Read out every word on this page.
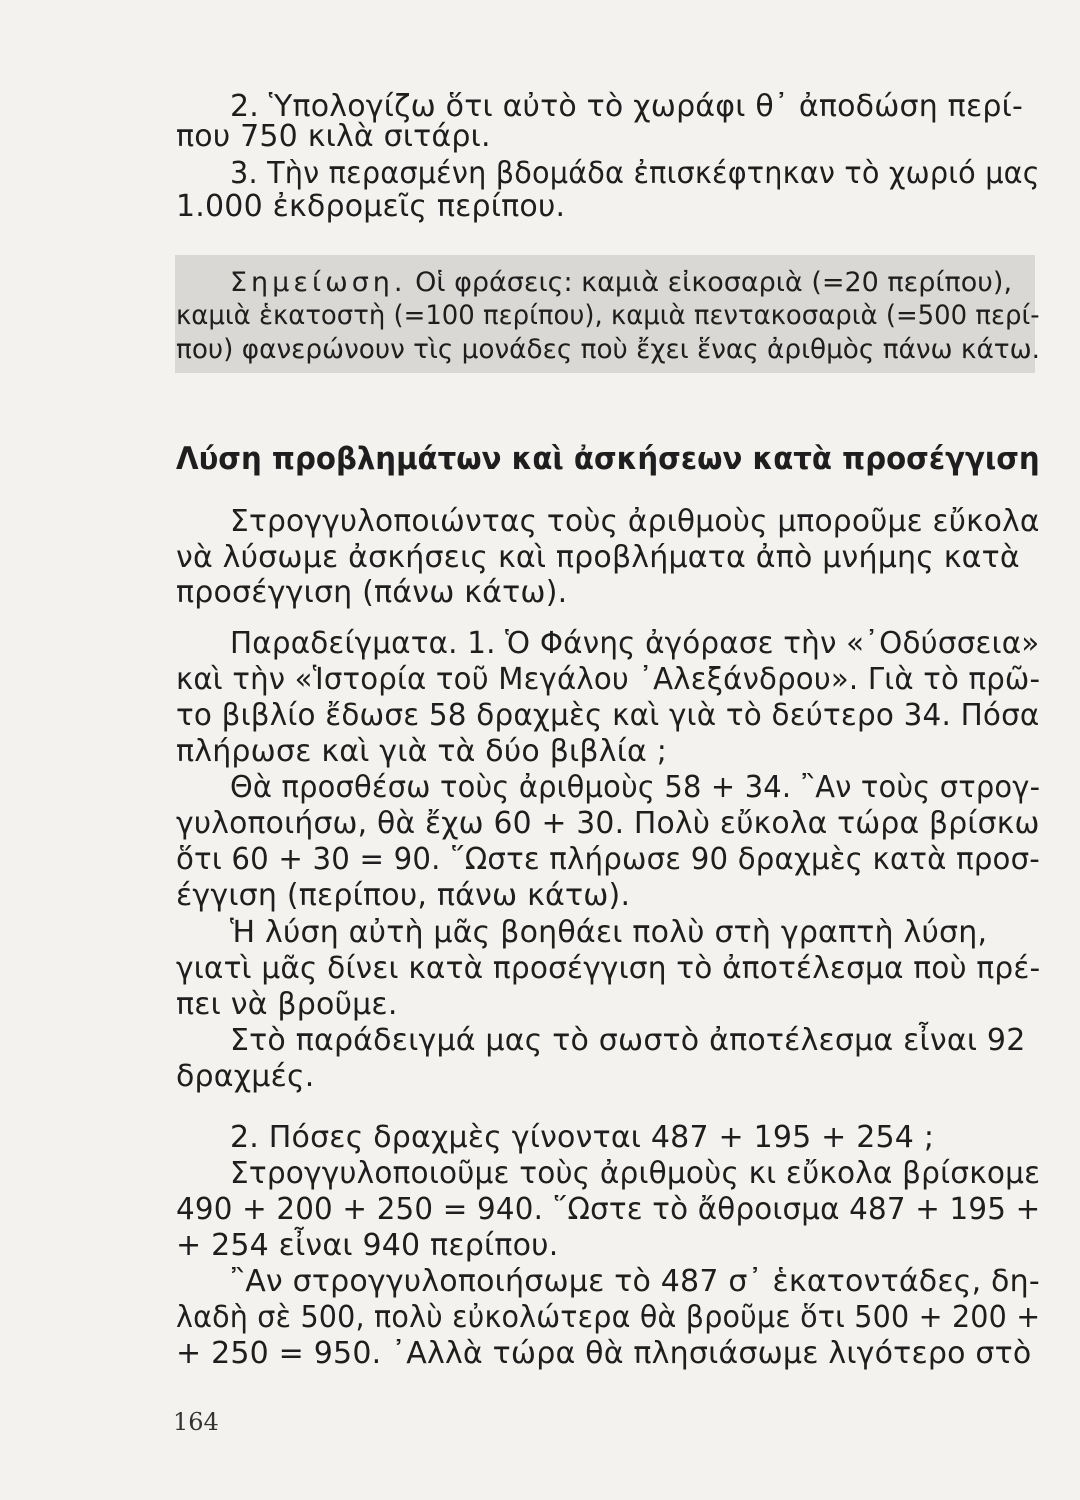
2. Ὑπολογίζω ὅτι αὐτὸ τὸ χωράφι θ᾽ ἀποδώση περί-
που 750 κιλὰ σιτάρι.
3. Τὴν περασμένη βδομάδα ἐπισκέφτηκαν τὸ χωριό μας
1.000 ἐκδρομεῖς περίπου.
Σημείωση. Οἱ φράσεις: καμιὰ εἰκοσαριὰ (=20 περίπου),
καμιὰ ἑκατοστὴ (=100 περίπου), καμιὰ πεντακοσαριὰ (=500 περί-
που) φανερώνουν τὶς μονάδες ποὺ ἔχει ἕνας ἀριθμὸς πάνω κάτω.
Λύση προβλημάτων καὶ ἀσκήσεων κατὰ προσέγγιση
Στρογγυλοποιώντας τοὺς ἀριθμοὺς μποροῦμε εὔκολα
νὰ λύσωμε ἀσκήσεις καὶ προβλήματα ἀπὸ μνήμης κατὰ
προσέγγιση (πάνω κάτω).
Παραδείγματα. 1. Ὁ Φάνης ἀγόρασε τὴν «᾿Οδύσσεια»
καὶ τὴν «Ἱστορία τοῦ Μεγάλου ᾿Αλεξάνδρου». Γιὰ τὸ πρῶ-
το βιβλίο ἔδωσε 58 δραχμὲς καὶ γιὰ τὸ δεύτερο 34. Πόσα
πλήρωσε καὶ γιὰ τὰ δύο βιβλία ;
Θὰ προσθέσω τοὺς ἀριθμοὺς 58 + 34. ῍Αν τοὺς στρογ-
γυλοποιήσω, θὰ ἔχω 60 + 30. Πολὺ εὔκολα τώρα βρίσκω
ὅτι 60 + 30 = 90. ῞Ωστε πλήρωσε 90 δραχμὲς κατὰ προσ-
έγγιση (περίπου, πάνω κάτω).
Ἡ λύση αὐτὴ μᾶς βοηθάει πολὺ στὴ γραπτὴ λύση,
γιατὶ μᾶς δίνει κατὰ προσέγγιση τὸ ἀποτέλεσμα ποὺ πρέ-
πει νὰ βροῦμε.
Στὸ παράδειγμά μας τὸ σωστὸ ἀποτέλεσμα εἶναι 92
δραχμές.
2. Πόσες δραχμὲς γίνονται 487 + 195 + 254 ;
Στρογγυλοποιοῦμε τοὺς ἀριθμοὺς κι εὔκολα βρίσκομε
490 + 200 + 250 = 940. ῞Ωστε τὸ ἄθροισμα 487 + 195 +
+ 254 εἶναι 940 περίπου.
῍Αν στρογγυλοποιήσωμε τὸ 487 σ᾽ ἑκατοντάδες, δη-
λαδὴ σὲ 500, πολὺ εὐκολώτερα θὰ βροῦμε ὅτι 500 + 200 +
+ 250 = 950. ᾿Αλλὰ τώρα θὰ πλησιάσωμε λιγότερο στὸ
164
